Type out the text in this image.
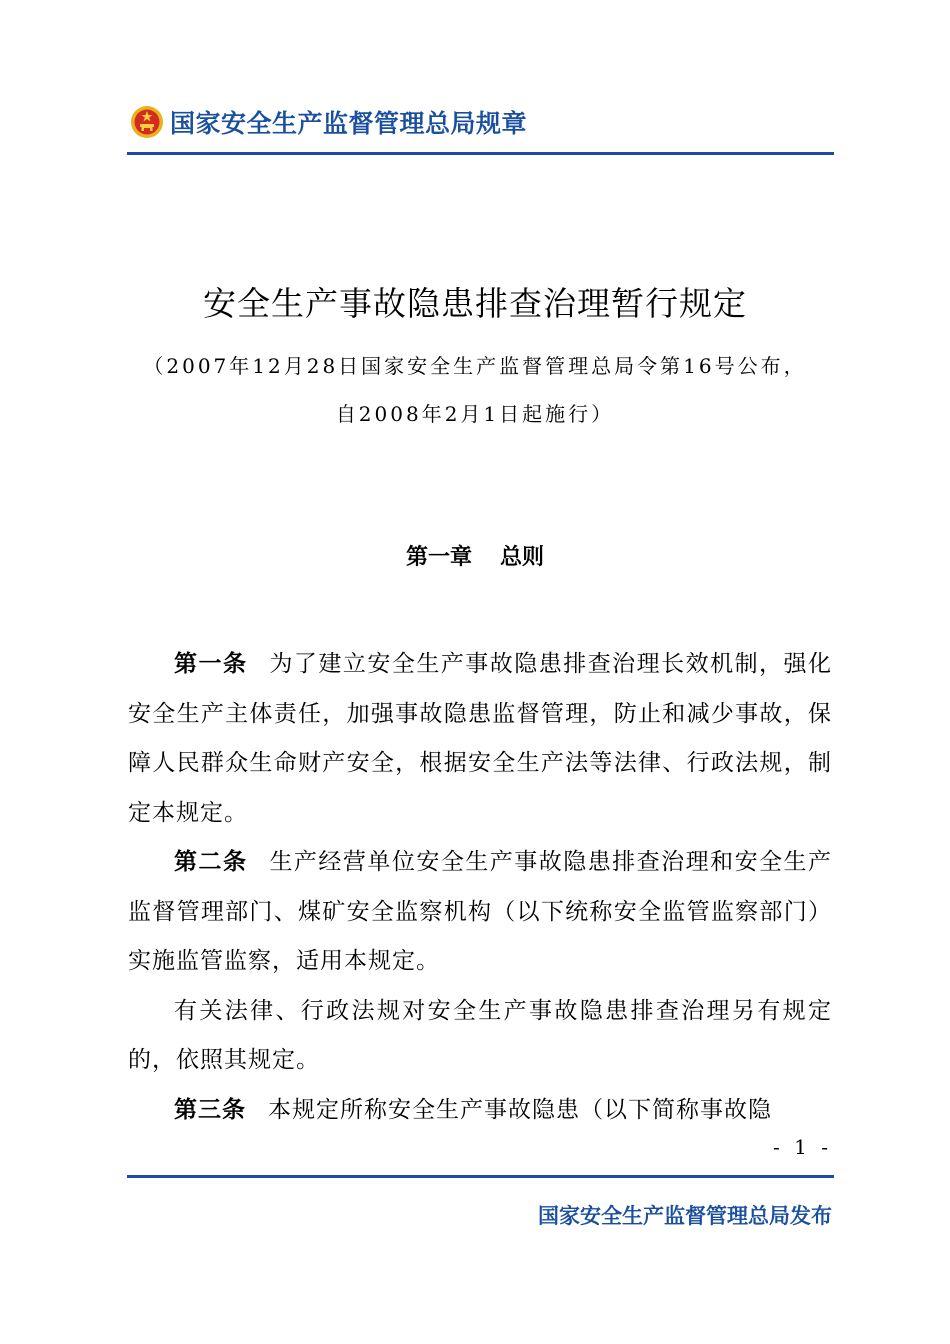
国家安全生产监督管理总局规章
安全生产事故隐患排查治理暂行规定
（2007年12月28日国家安全生产监督管理总局令第16号公布，
自2008年2月1日起施行）
第一章 总则

第一条 为了建立安全生产事故隐患排查治理长效机制，强化安全生产主体责任，加强事故隐患监督管理，防止和减少事故，保障人民群众生命财产安全，根据安全生产法等法律、行政法规，制定本规定。

第二条 生产经营单位安全生产事故隐患排查治理和安全生产监督管理部门、煤矿安全监察机构（以下统称安全监管监察部门）实施监管监察，适用本规定。

有关法律、行政法规对安全生产事故隐患排查治理另有规定的，依照其规定。

第三条 本规定所称安全生产事故隐患（以下简称事故隐

- 1 -
国家安全生产监督管理总局发布
